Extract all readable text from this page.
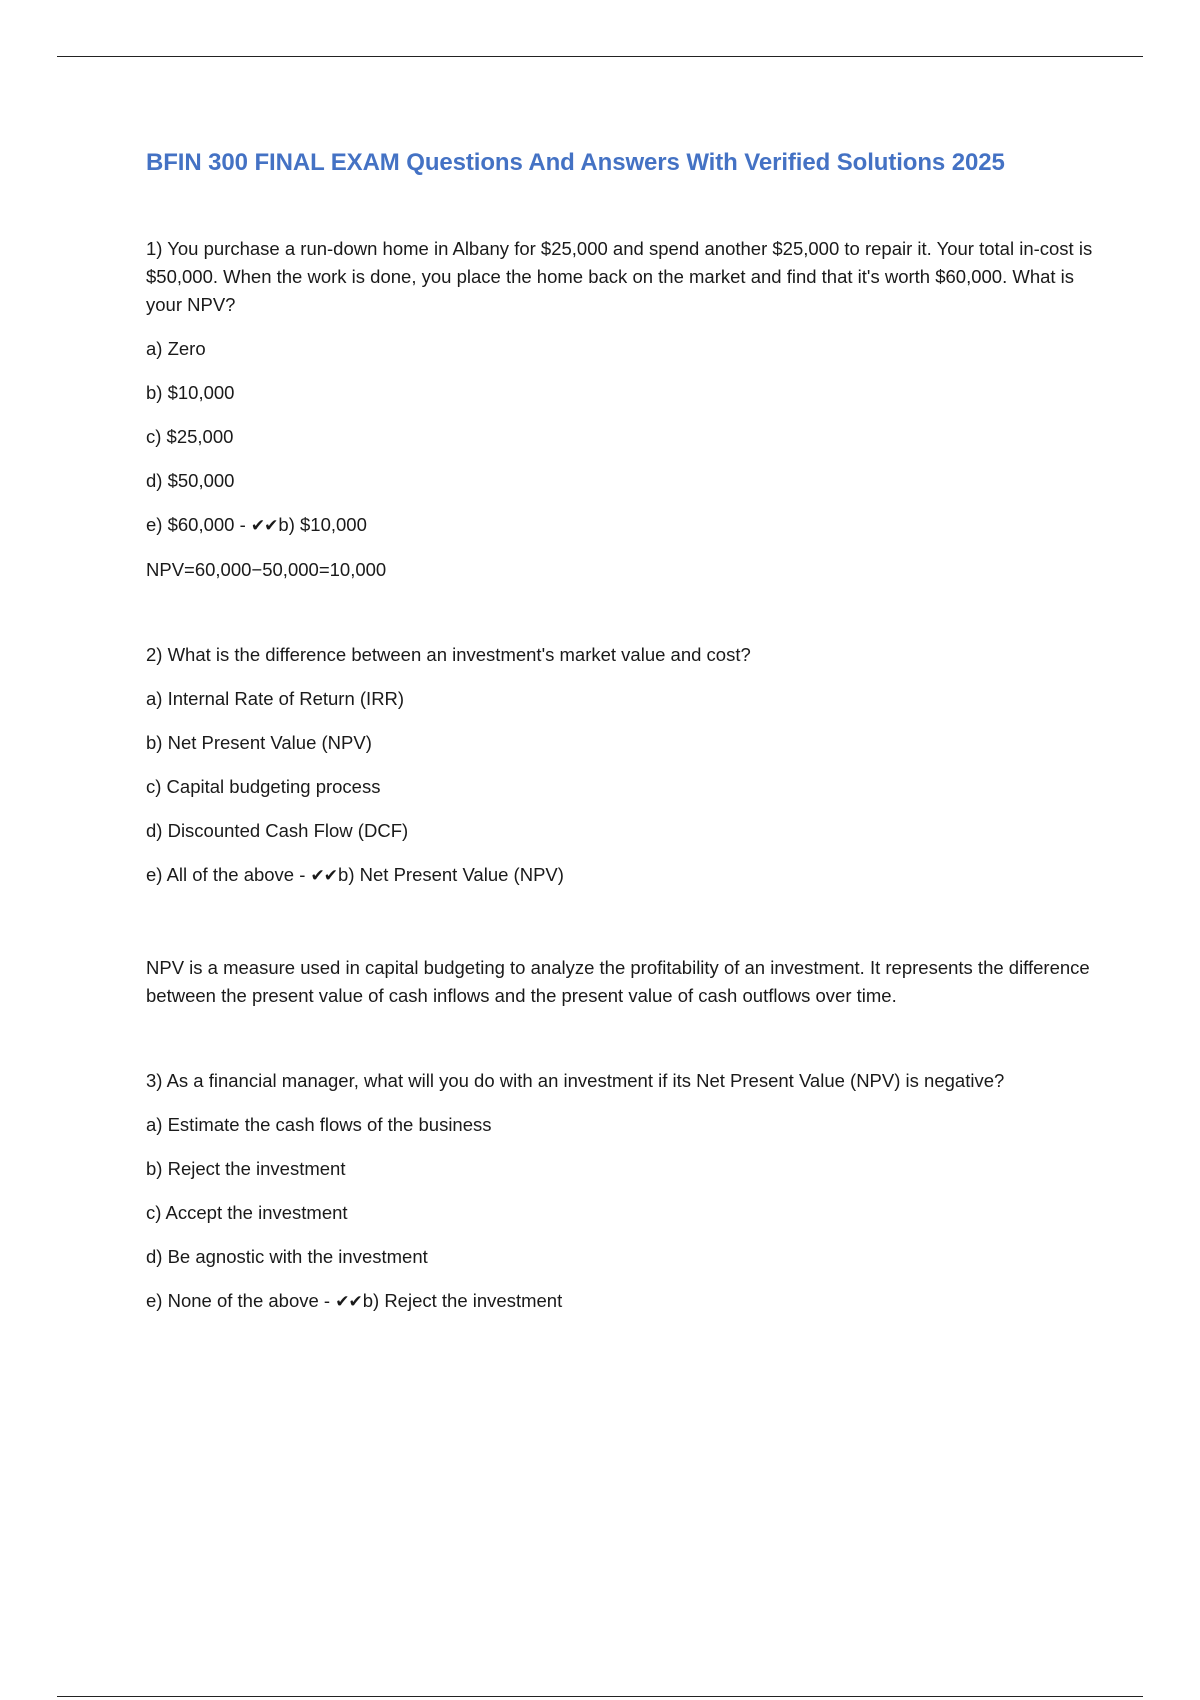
BFIN 300 FINAL EXAM Questions And Answers With Verified Solutions 2025

1) You purchase a run-down home in Albany for $25,000 and spend another $25,000 to repair it. Your total in-cost is $50,000. When the work is done, you place the home back on the market and find that it's worth $60,000. What is your NPV?

a) Zero

b) $10,000

c) $25,000

d) $50,000

e) $60,000 - ✔✔b) $10,000

NPV=60,000−50,000=10,000

2) What is the difference between an investment's market value and cost?

a) Internal Rate of Return (IRR)

b) Net Present Value (NPV)

c) Capital budgeting process

d) Discounted Cash Flow (DCF)

e) All of the above - ✔✔b) Net Present Value (NPV)

NPV is a measure used in capital budgeting to analyze the profitability of an investment. It represents the difference between the present value of cash inflows and the present value of cash outflows over time.

3) As a financial manager, what will you do with an investment if its Net Present Value (NPV) is negative?

a) Estimate the cash flows of the business

b) Reject the investment

c) Accept the investment

d) Be agnostic with the investment

e) None of the above - ✔✔b) Reject the investment
